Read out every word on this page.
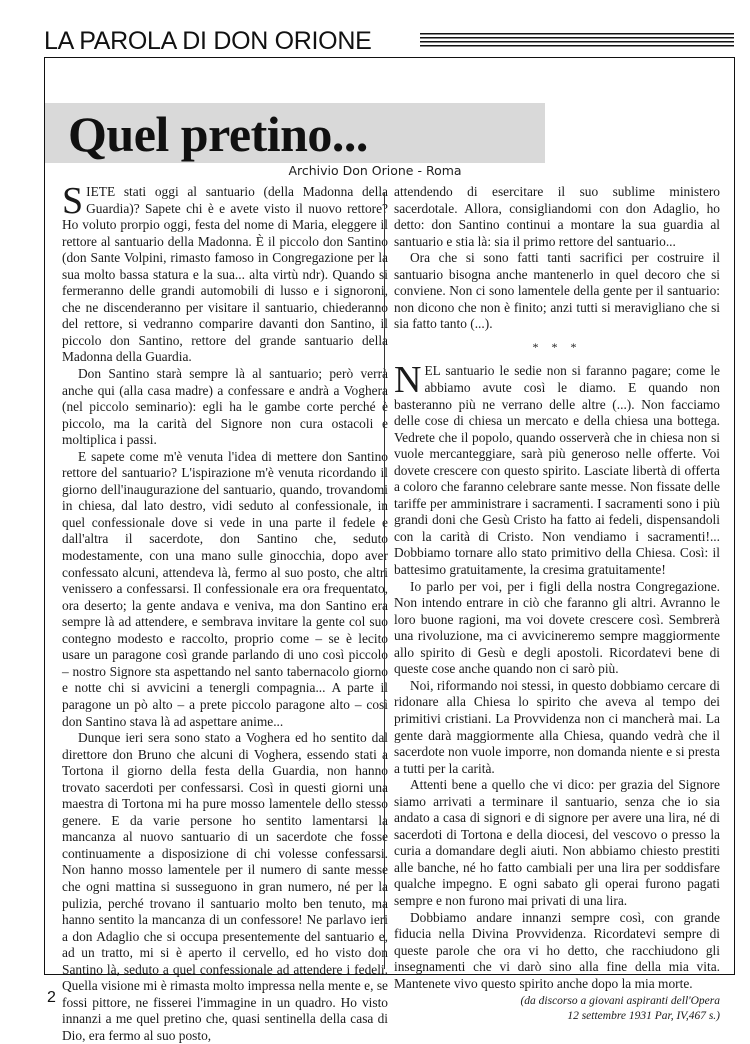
LA PAROLA DI DON ORIONE
Quel pretino...
Archivio Don Orione - Roma

SIETE stati oggi al santuario (della Madonna della Guardia)? Sapete chi è e avete visto il nuovo rettore? Ho voluto prorpio oggi, festa del nome di Maria, eleggere il rettore al santuario della Madonna. È il piccolo don Santino (don Sante Volpini, rimasto famoso in Congregazione per la sua molto bassa statura e la sua... alta virtù ndr). Quando si fermeranno delle grandi automobili di lusso e i signoroni, che ne discenderanno per visitare il santuario, chiederanno del rettore, si vedranno comparire davanti don Santino, il piccolo don Santino, rettore del grande santuario della Madonna della Guardia.

Don Santino starà sempre là al santuario; però verrà anche qui (alla casa madre) a confessare e andrà a Voghera (nel piccolo seminario): egli ha le gambe corte perché è piccolo, ma la carità del Signore non cura ostacoli e moltiplica i passi.

E sapete come m'è venuta l'idea di mettere don Santino rettore del santuario? L'ispirazione m'è venuta ricordando il giorno dell'inaugurazione del santuario, quando, trovandomi in chiesa, dal lato destro, vidi seduto al confessionale, in quel confessionale dove si vede in una parte il fedele e dall'altra il sacerdote, don Santino che, seduto modestamente, con una mano sulle ginocchia, dopo aver confessato alcuni, attendeva là, fermo al suo posto, che altri venissero a confessarsi. Il confessionale era ora frequentato, ora deserto; la gente andava e veniva, ma don Santino era sempre là ad attendere, e sembrava invitare la gente col suo contegno modesto e raccolto, proprio come – se è lecito usare un paragone così grande parlando di uno così piccolo – nostro Signore sta aspettando nel santo tabernacolo giorno e notte chi si avvicini a tenergli compagnia... A parte il paragone un pò alto – a prete piccolo paragone alto – così don Santino stava là ad aspettare anime...

Dunque ieri sera sono stato a Voghera ed ho sentito dal direttore don Bruno che alcuni di Voghera, essendo stati a Tortona il giorno della festa della Guardia, non hanno trovato sacerdoti per confessarsi. Così in questi giorni una maestra di Tortona mi ha pure mosso lamentele dello stesso genere. E da varie persone ho sentito lamentarsi la mancanza al nuovo santuario di un sacerdote che fosse continuamente a disposizione di chi volesse confessarsi. Non hanno mosso lamentele per il numero di sante messe che ogni mattina si susseguono in gran numero, né per la pulizia, perché trovano il santuario molto ben tenuto, ma hanno sentito la mancanza di un confessore! Ne parlavo ieri a don Adaglio che si occupa presentemente del santuario e, ad un tratto, mi si è aperto il cervello, ed ho visto don Santino là, seduto a quel confessionale ad attendere i fedeli. Quella visione mi è rimasta molto impressa nella mente e, se fossi pittore, ne fisserei l'immagine in un quadro. Ho visto innanzi a me quel pretino che, quasi sentinella della casa di Dio, era fermo al suo posto,

attendendo di esercitare il suo sublime ministero sacerdotale. Allora, consigliandomi con don Adaglio, ho detto: don Santino continui a montare la sua guardia al santuario e stia là: sia il primo rettore del santuario...

Ora che si sono fatti tanti sacrifici per costruire il santuario bisogna anche mantenerlo in quel decoro che si conviene. Non ci sono lamentele della gente per il santuario: non dicono che non è finito; anzi tutti si meravigliano che si sia fatto tanto (...).

* * *

NEL santuario le sedie non si faranno pagare; come le abbiamo avute così le diamo. E quando non basteranno più ne verrano delle altre (...). Non facciamo delle cose di chiesa un mercato e della chiesa una bottega. Vedrete che il popolo, quando osserverà che in chiesa non si vuole mercanteggiare, sarà più generoso nelle offerte. Voi dovete crescere con questo spirito. Lasciate libertà di offerta a coloro che faranno celebrare sante messe. Non fissate delle tariffe per amministrare i sacramenti. I sacramenti sono i più grandi doni che Gesù Cristo ha fatto ai fedeli, dispensandoli con la carità di Cristo. Non vendiamo i sacramenti!... Dobbiamo tornare allo stato primitivo della Chiesa. Così: il battesimo gratuitamente, la cresima gratuitamente!

Io parlo per voi, per i figli della nostra Congregazione. Non intendo entrare in ciò che faranno gli altri. Avranno le loro buone ragioni, ma voi dovete crescere così. Sembrerà una rivoluzione, ma ci avvicineremo sempre maggiormente allo spirito di Gesù e degli apostoli. Ricordatevi bene di queste cose anche quando non ci sarò più.

Noi, riformando noi stessi, in questo dobbiamo cercare di ridonare alla Chiesa lo spirito che aveva al tempo dei primitivi cristiani. La Provvidenza non ci mancherà mai. La gente darà maggiormente alla Chiesa, quando vedrà che il sacerdote non vuole imporre, non domanda niente e si presta a tutti per la carità.

Attenti bene a quello che vi dico: per grazia del Signore siamo arrivati a terminare il santuario, senza che io sia andato a casa di signori e di signore per avere una lira, né di sacerdoti di Tortona e della diocesi, del vescovo o presso la curia a domandare degli aiuti. Non abbiamo chiesto prestiti alle banche, né ho fatto cambiali per una lira per soddisfare qualche impegno. E ogni sabato gli operai furono pagati sempre e non furono mai privati di una lira.

Dobbiamo andare innanzi sempre così, con grande fiducia nella Divina Provvidenza. Ricordatevi sempre di queste parole che ora vi ho detto, che racchiudono gli insegnamenti che vi darò sino alla fine della mia vita. Mantenete vivo questo spirito anche dopo la mia morte.

(da discorso a giovani aspiranti dell'Opera
12 settembre 1931 Par, IV,467 s.)
2
